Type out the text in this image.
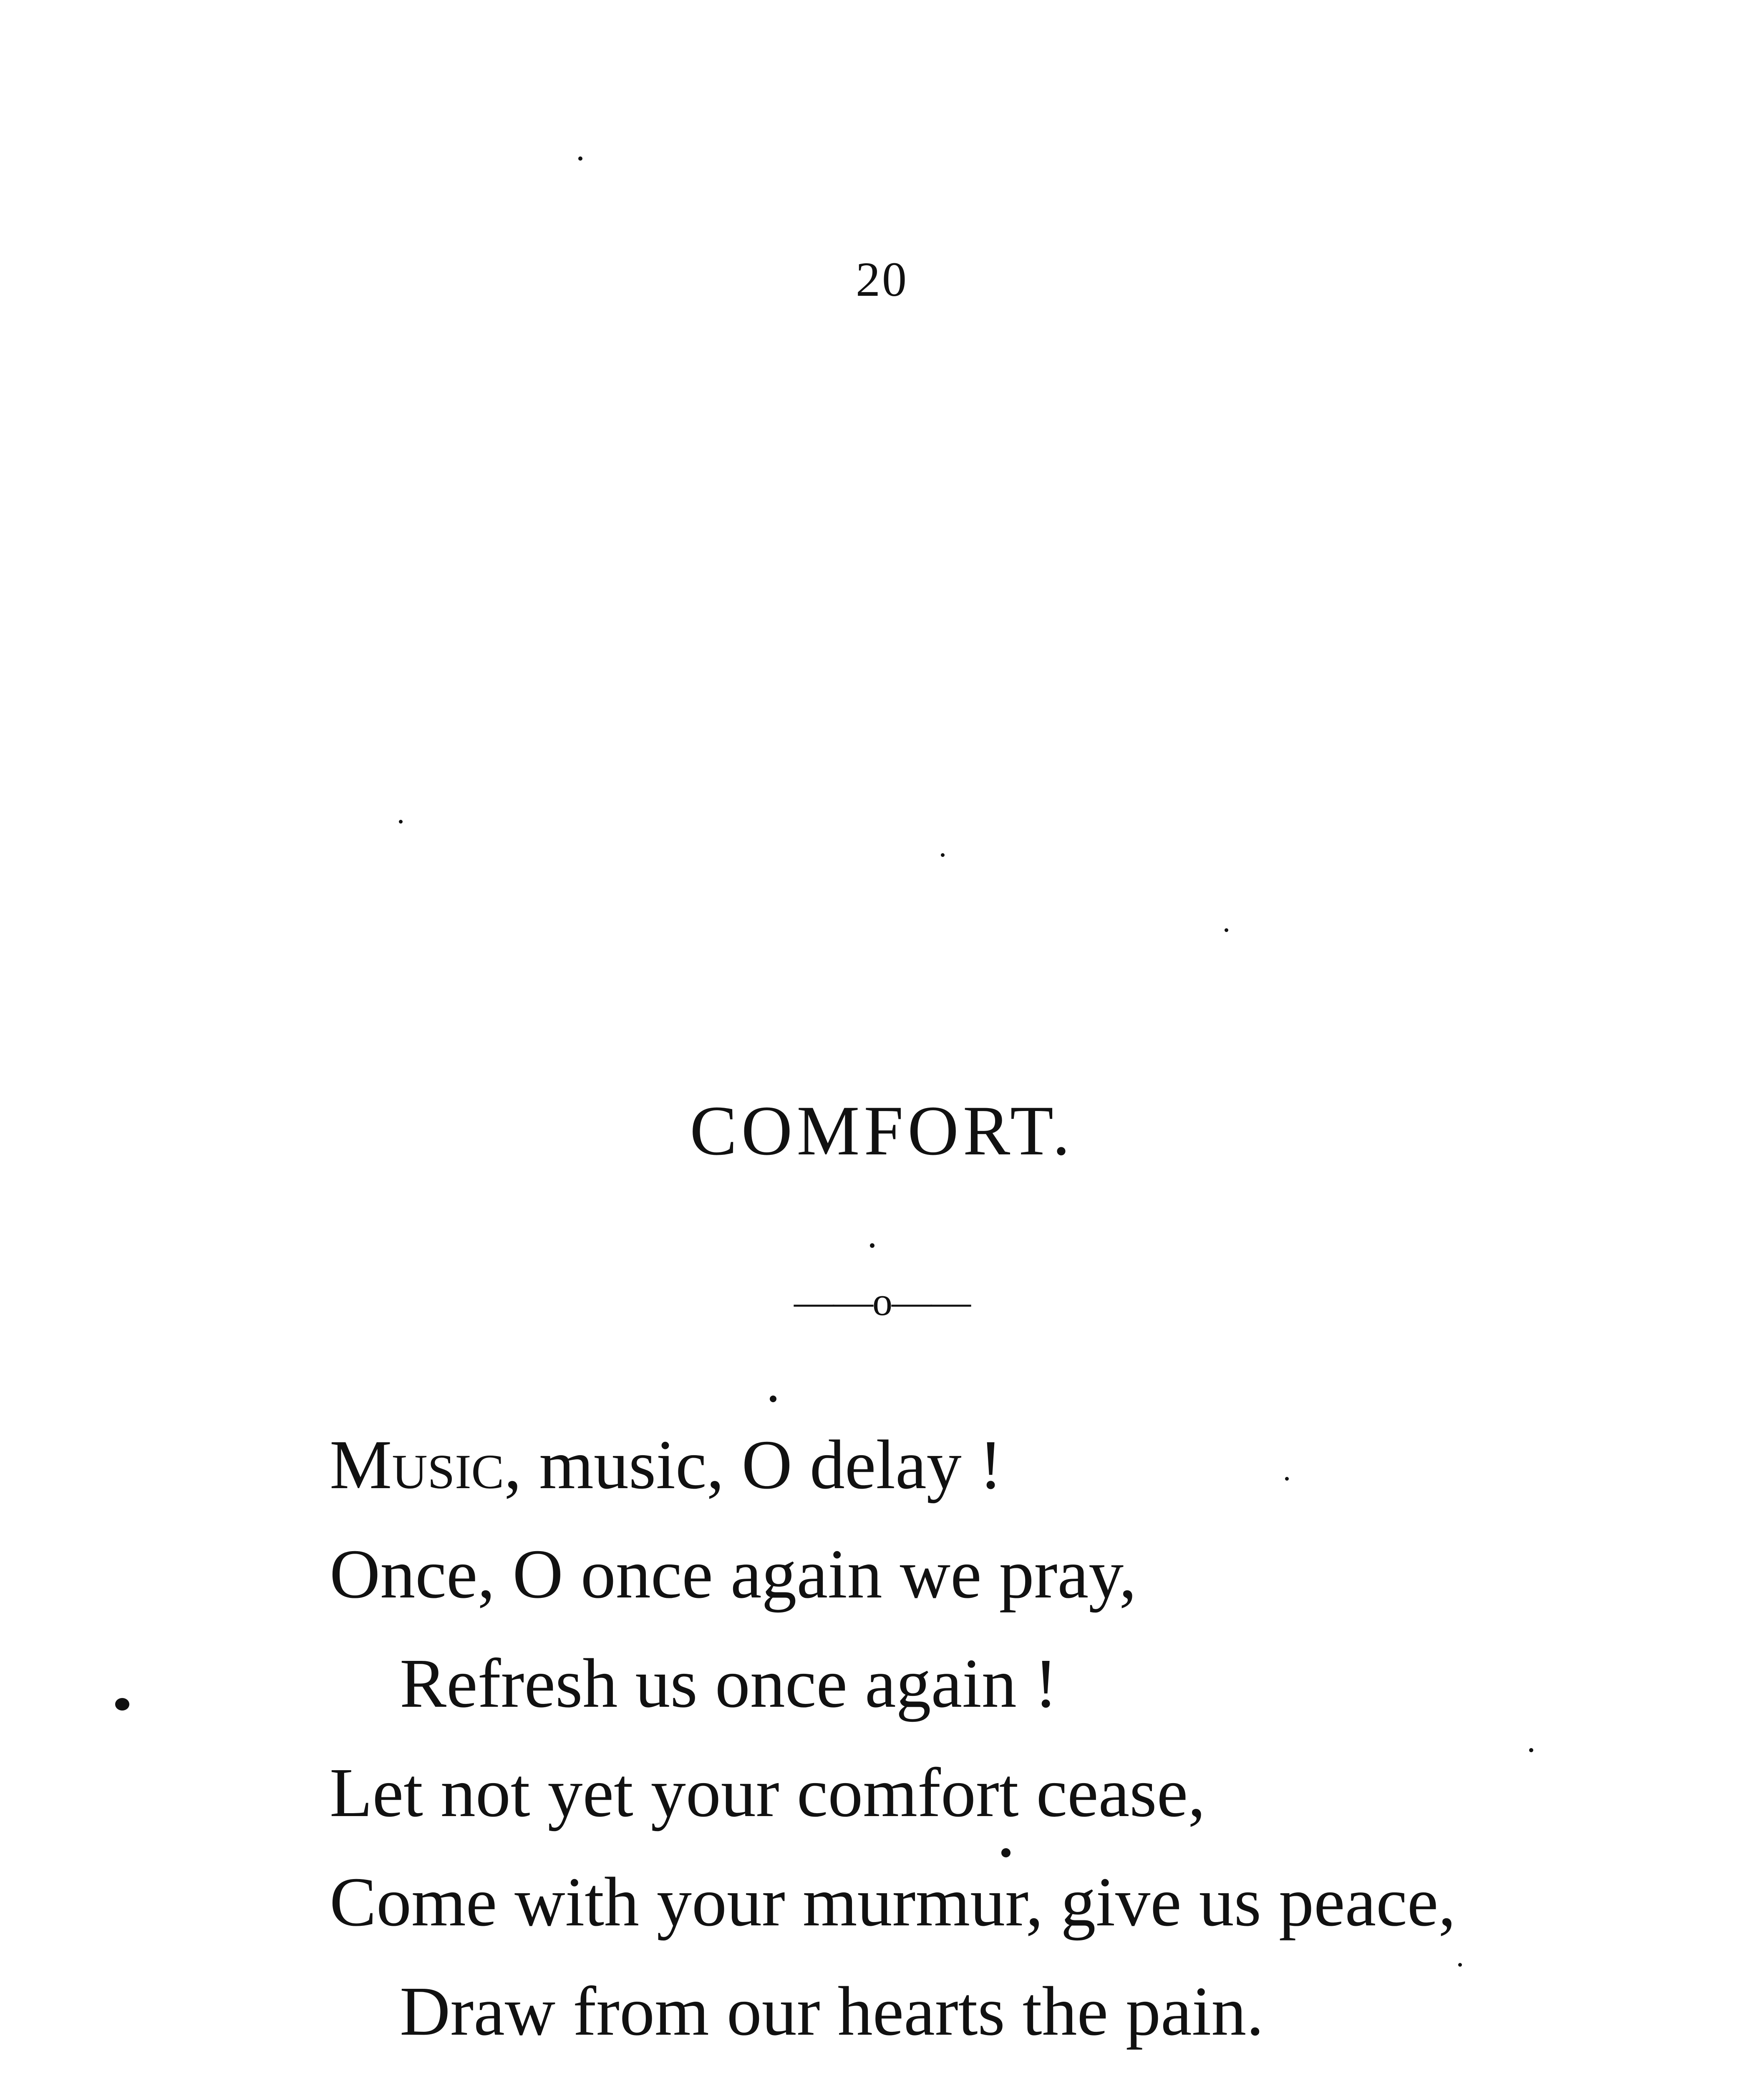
20
COMFORT.
——o——
Music, music, O delay !
Once, O once again we pray,
Refresh us once again !
Let not yet your comfort cease,
Come with your murmur, give us peace,
Draw from our hearts the pain.
